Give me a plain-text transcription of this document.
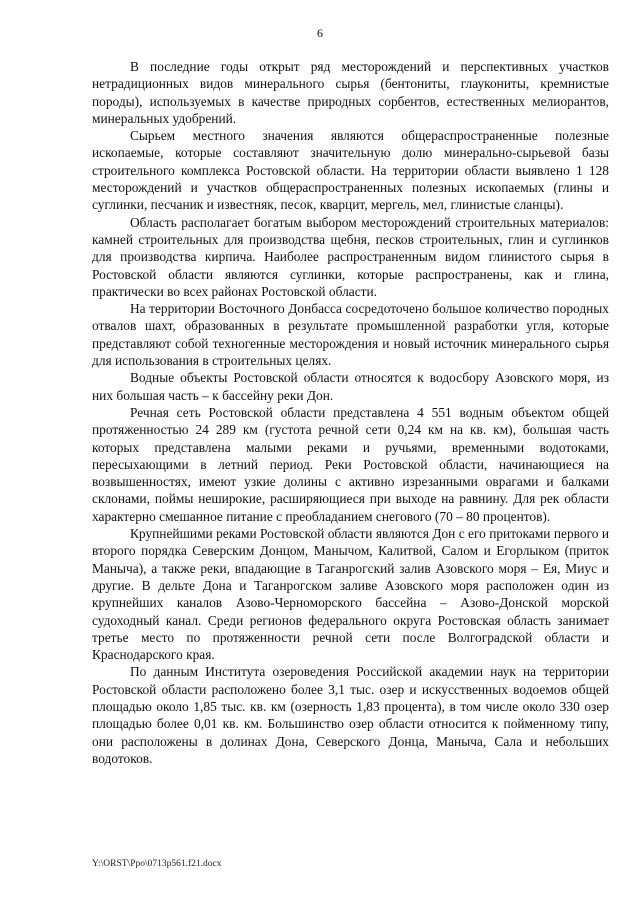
6

В последние годы открыт ряд месторождений и перспективных участков нетрадиционных видов минерального сырья (бентониты, глаукониты, кремнистые породы), используемых в качестве природных сорбентов, естественных мелиорантов, минеральных удобрений.

Сырьем местного значения являются общераспространенные полезные ископаемые, которые составляют значительную долю минерально-сырьевой базы строительного комплекса Ростовской области. На территории области выявлено 1 128 месторождений и участков общераспространенных полезных ископаемых (глины и суглинки, песчаник и известняк, песок, кварцит, мергель, мел, глинистые сланцы).

Область располагает богатым выбором месторождений строительных материалов: камней строительных для производства щебня, песков строительных, глин и суглинков для производства кирпича. Наиболее распространенным видом глинистого сырья в Ростовской области являются суглинки, которые распространены, как и глина, практически во всех районах Ростовской области.

На территории Восточного Донбасса сосредоточено большое количество породных отвалов шахт, образованных в результате промышленной разработки угля, которые представляют собой техногенные месторождения и новый источник минерального сырья для использования в строительных целях.

Водные объекты Ростовской области относятся к водосбору Азовского моря, из них большая часть – к бассейну реки Дон.

Речная сеть Ростовской области представлена 4 551 водным объектом общей протяженностью 24 289 км (густота речной сети 0,24 км на кв. км), большая часть которых представлена малыми реками и ручьями, временными водотоками, пересыхающими в летний период. Реки Ростовской области, начинающиеся на возвышенностях, имеют узкие долины с активно изрезанными оврагами и балками склонами, поймы неширокие, расширяющиеся при выходе на равнину. Для рек области характерно смешанное питание с преобладанием снегового (70 – 80 процентов).

Крупнейшими реками Ростовской области являются Дон с его притоками первого и второго порядка Северским Донцом, Манычом, Калитвой, Салом и Егорлыком (приток Маныча), а также реки, впадающие в Таганрогский залив Азовского моря – Ея, Миус и другие. В дельте Дона и Таганрогском заливе Азовского моря расположен один из крупнейших каналов Азово-Черноморского бассейна – Азово-Донской морской судоходный канал. Среди регионов федерального округа Ростовская область занимает третье место по протяженности речной сети после Волгоградской области и Краснодарского края.

По данным Института озероведения Российской академии наук на территории Ростовской области расположено более 3,1 тыс. озер и искусственных водоемов общей площадью около 1,85 тыс. кв. км (озерность 1,83 процента), в том числе около 330 озер площадью более 0,01 кв. км. Большинство озер области относится к пойменному типу, они расположены в долинах Дона, Северского Донца, Маныча, Сала и небольших водотоков.

Y:\ORST\Ppo\0713p561.f21.docx
